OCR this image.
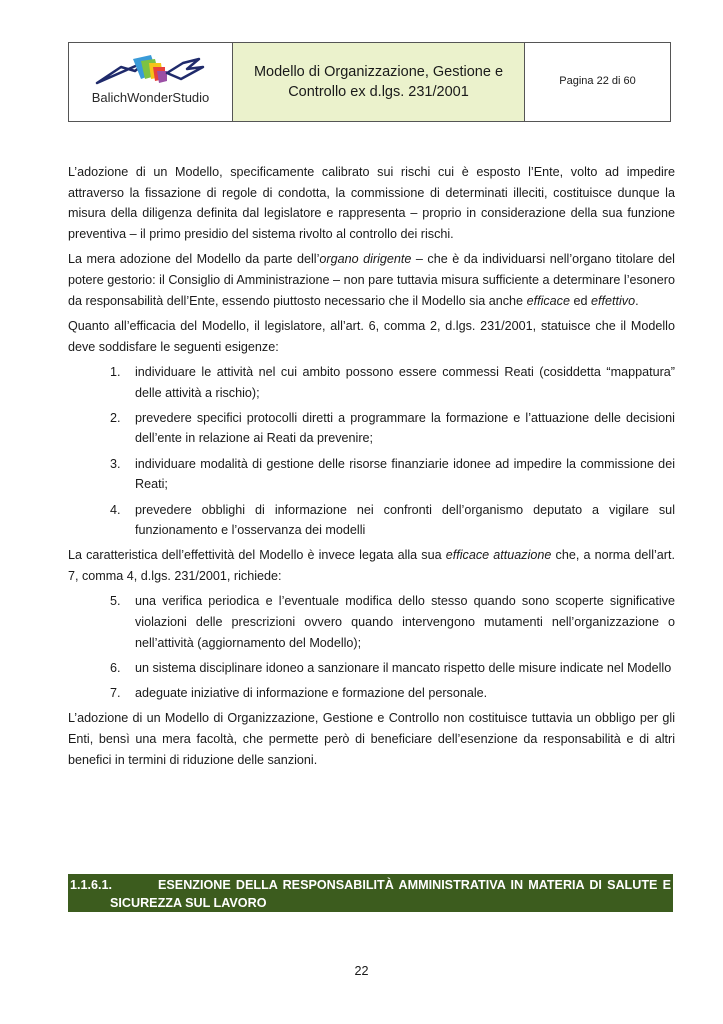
BalichWonderStudio
Modello di Organizzazione, Gestione e
Controllo ex d.lgs. 231/2001
Pagina 22 di 60

L’adozione di un Modello, specificamente calibrato sui rischi cui è esposto l’Ente, volto ad impedire attraverso la fissazione di regole di condotta, la commissione di determinati illeciti, costituisce dunque la misura della diligenza definita dal legislatore e rappresenta – proprio in considerazione della sua funzione preventiva – il primo presidio del sistema rivolto al controllo dei rischi.

La mera adozione del Modello da parte dell’organo dirigente – che è da individuarsi nell’organo titolare del potere gestorio: il Consiglio di Amministrazione – non pare tuttavia misura sufficiente a determinare l’esonero da responsabilità dell’Ente, essendo piuttosto necessario che il Modello sia anche efficace ed effettivo.

Quanto all’efficacia del Modello, il legislatore, all’art. 6, comma 2, d.lgs. 231/2001, statuisce che il Modello deve soddisfare le seguenti esigenze:

1. individuare le attività nel cui ambito possono essere commessi Reati (cosiddetta “mappatura” delle attività a rischio);
2. prevedere specifici protocolli diretti a programmare la formazione e l’attuazione delle decisioni dell’ente in relazione ai Reati da prevenire;
3. individuare modalità di gestione delle risorse finanziarie idonee ad impedire la commissione dei Reati;
4. prevedere obblighi di informazione nei confronti dell’organismo deputato a vigilare sul funzionamento e l’osservanza dei modelli

La caratteristica dell’effettività del Modello è invece legata alla sua efficace attuazione che, a norma dell’art. 7, comma 4, d.lgs. 231/2001, richiede:

5. una verifica periodica e l’eventuale modifica dello stesso quando sono scoperte significative violazioni delle prescrizioni ovvero quando intervengono mutamenti nell’organizzazione o nell’attività (aggiornamento del Modello);
6. un sistema disciplinare idoneo a sanzionare il mancato rispetto delle misure indicate nel Modello
7. adeguate iniziative di informazione e formazione del personale.

L’adozione di un Modello di Organizzazione, Gestione e Controllo non costituisce tuttavia un obbligo per gli Enti, bensì una mera facoltà, che permette però di beneficiare dell’esenzione da responsabilità e di altri benefici in termini di riduzione delle sanzioni.

1.1.6.1.	ESENZIONE DELLA RESPONSABILITÀ AMMINISTRATIVA IN MATERIA DI SALUTE E
SICUREZZA SUL LAVORO
22
